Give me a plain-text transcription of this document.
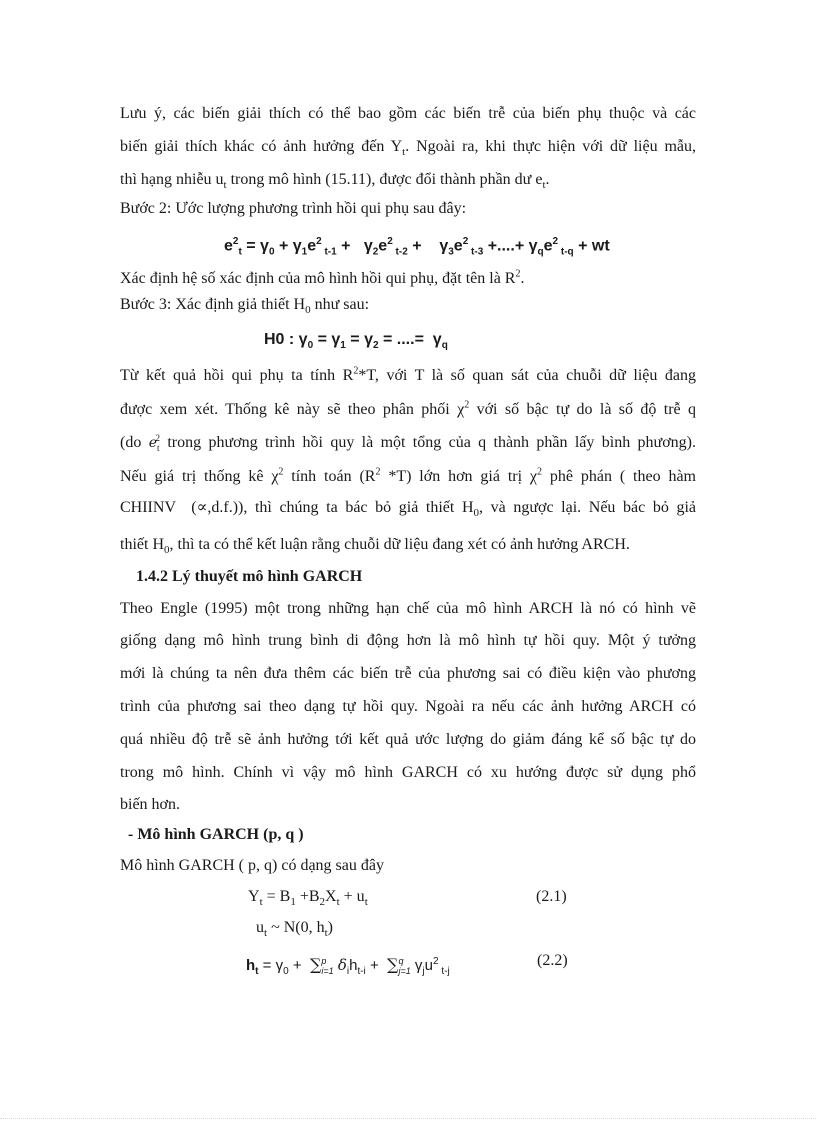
Lưu ý, các biến giải thích có thể bao gồm các biến trễ của biến phụ thuộc và các
biến giải thích khác có ảnh hưởng đến $Y_t$. Ngoài ra, khi thực hiện với dữ liệu mẫu,
thì hạng nhiễu $u_t$ trong mô hình (15.11), được đổi thành phần dư $e_t$.
Bước 2: Ước lượng phương trình hồi qui phụ sau đây:
$e^2_t = \gamma_0 + \gamma_1e^2$ $_{t-1} + \gamma_2e^2$ $_{t-2}$ +    $\gamma_3e^2$ $_{t-3}$ +....+ $\gamma_qe^2$ $_{t-q}$ + wt
Xác định hệ số xác định của mô hình hồi qui phụ, đặt tên là $R^2$.
Bước 3: Xác định giả thiết $H_0$ như sau:
H0 : $\gamma_0 = \gamma_1 = \gamma_2$ = ....=  $\gamma_q$
Từ kết quả hồi qui phụ ta tính $R^2*T$, với T là số quan sát của chuỗi dữ liệu đang
được xem xét. Thống kê này sẽ theo phân phối $\chi^2$ với số bậc tự do là số độ trễ q
(do $e_t^2$ trong phương trình hồi quy là một tổng của q thành phần lấy bình phương).
Nếu giá trị thống kê $\chi^2$ tính toán ($R^2$ *T) lớn hơn giá trị $\chi^2$ phê phán ( theo hàm
CHIINV  (∝,d.f.)), thì chúng ta bác bỏ giả thiết $H_0$, và ngược lại. Nếu bác bỏ giả
thiết $H_0$, thì ta có thể kết luận rằng chuỗi dữ liệu đang xét có ảnh hưởng ARCH.
1.4.2 Lý thuyết mô hình GARCH
Theo Engle (1995) một trong những hạn chế của mô hình ARCH là nó có hình vẽ
giống dạng mô hình trung bình di động hơn là mô hình tự hồi quy. Một ý tưởng
mới là chúng ta nên đưa thêm các biến trễ của phương sai có điều kiện vào phương
trình của phương sai theo dạng tự hồi quy. Ngoài ra nếu các ảnh hưởng ARCH có
quá nhiều độ trễ sẽ ảnh hưởng tới kết quả ước lượng do giảm đáng kể số bậc tự do
trong mô hình. Chính vì vậy mô hình GARCH có xu hướng được sử dụng phổ
biến hơn.
- Mô hình GARCH (p, q )
Mô hình GARCH ( p, q) có dạng sau đây
$Y_t = B_1 +B_2X_t + u_t$	(2.1)
$u_t$ ~ N(0, $h_t$)
$h_t = \gamma_0 + \sum^p_{i=1}$ $\delta_ih_{t-i} + \sum^q_{j=1}$ $\gamma_ju^2$ $_{t-j}$
(2.2)
